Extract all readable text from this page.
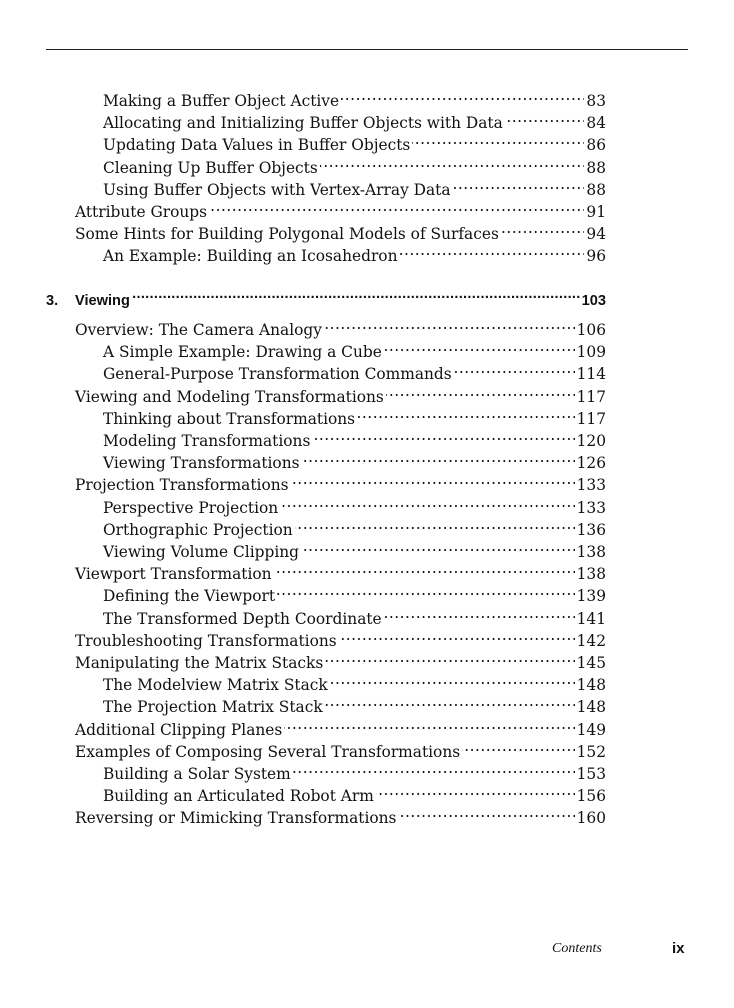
3.	Viewing .....	103
Making a Buffer Object Active . . .	83
Allocating and Initializing Buffer Objects with Data . . .	84
Updating Data Values in Buffer Objects . . .	86
Cleaning Up Buffer Objects . . .	88
Using Buffer Objects with Vertex-Array Data . . .	88
Attribute Groups . . .	91
Some Hints for Building Polygonal Models of Surfaces . . .	94
An Example: Building an Icosahedron . . .	96
Overview: The Camera Analogy . . .	106
A Simple Example: Drawing a Cube . . .	109
General-Purpose Transformation Commands . . .	114
Viewing and Modeling Transformations . . .	117
Thinking about Transformations . . .	117
Modeling Transformations . . .	120
Viewing Transformations . . .	126
Projection Transformations . . .	133
Perspective Projection . . .	133
Orthographic Projection . . .	136
Viewing Volume Clipping . . .	138
Viewport Transformation . . .	138
Defining the Viewport . . .	139
The Transformed Depth Coordinate . . .	141
Troubleshooting Transformations . . .	142
Manipulating the Matrix Stacks . . .	145
The Modelview Matrix Stack . . .	148
The Projection Matrix Stack . . .	148
Additional Clipping Planes . . .	149
Examples of Composing Several Transformations . . .	152
Building a Solar System . . .	153
Building an Articulated Robot Arm . . .	156
Reversing or Mimicking Transformations . . .	160
Contents	ix
